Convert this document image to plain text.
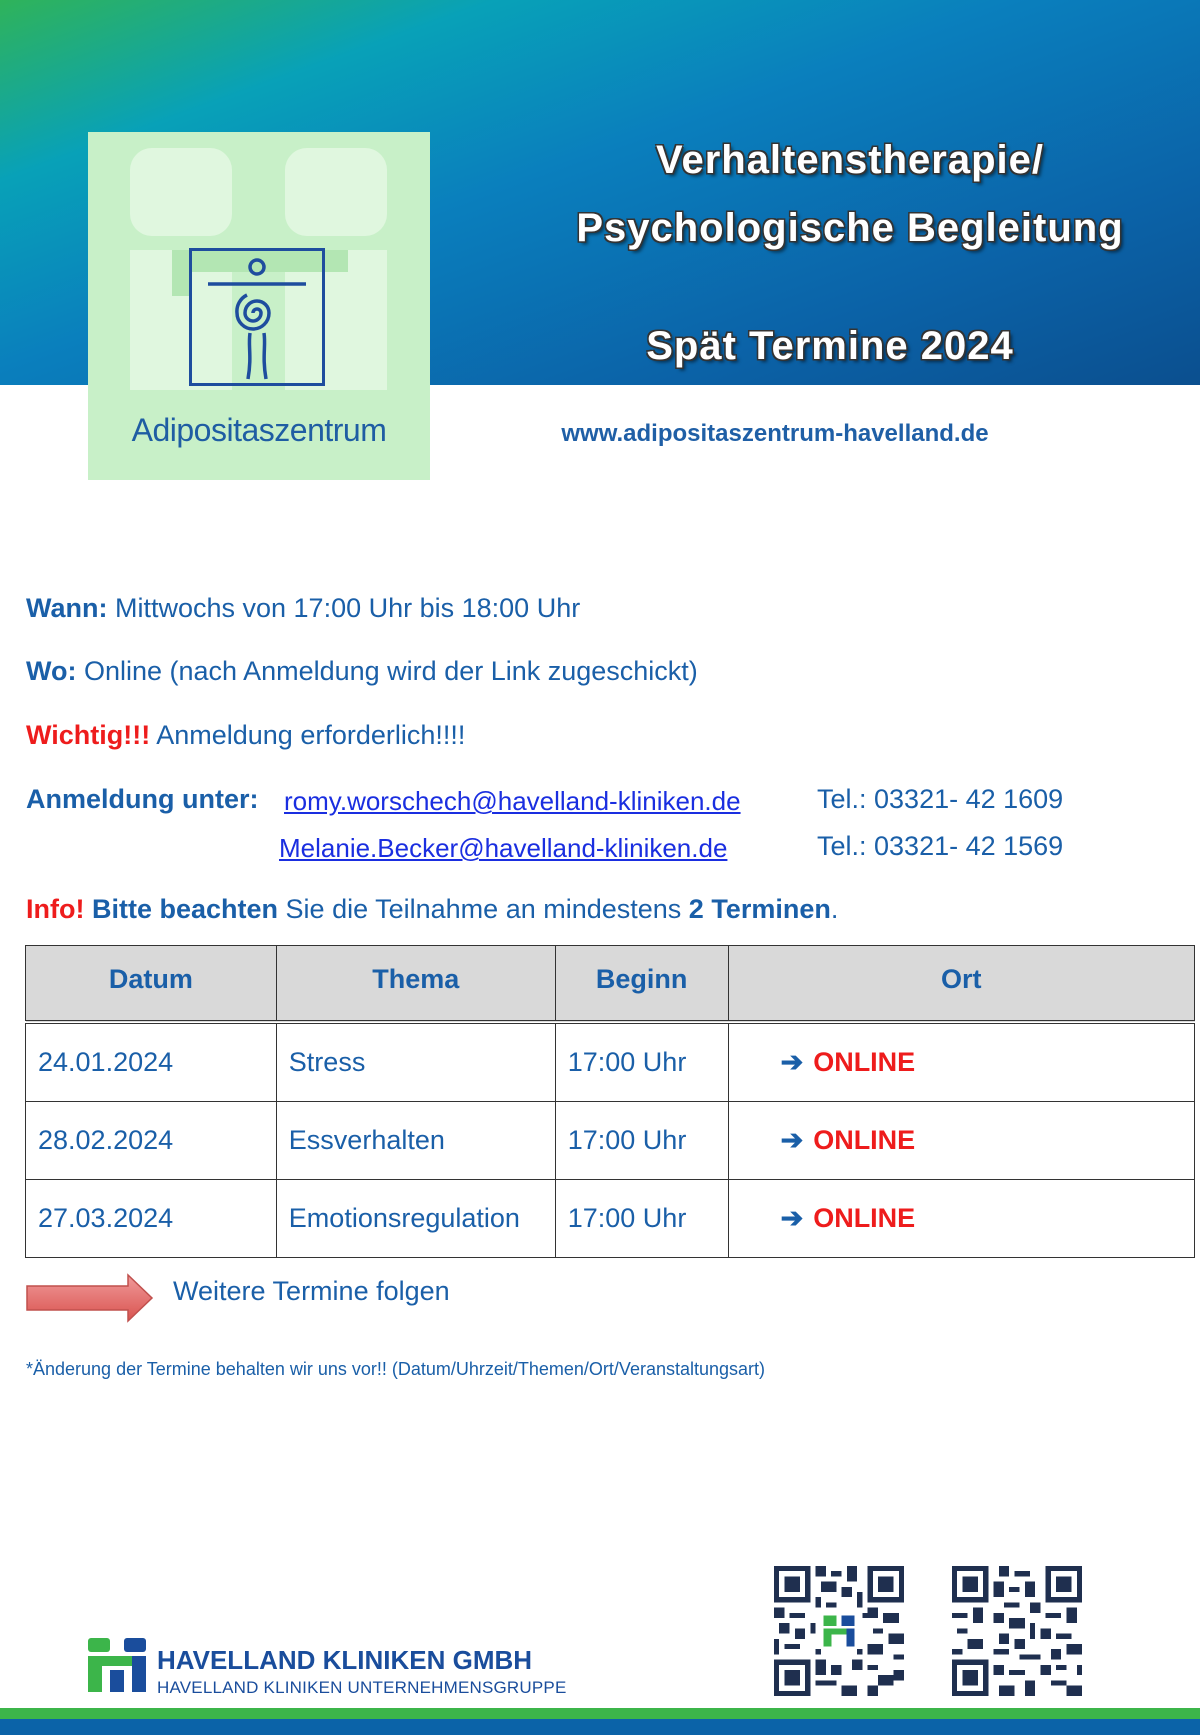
Adipositaszentrum
Verhaltenstherapie/
Psychologische Begleitung
Spät Termine 2024
www.adipositaszentrum-havelland.de
Wann: Mittwochs von 17:00 Uhr bis 18:00 Uhr
Wo: Online (nach Anmeldung wird der Link zugeschickt)
Wichtig!!! Anmeldung erforderlich!!!!
Anmeldung unter: romy.worschech@havelland-kliniken.de	Tel.: 03321- 42 1609
Melanie.Becker@havelland-kliniken.de	Tel.: 03321- 42 1569
Info! Bitte beachten Sie die Teilnahme an mindestens 2 Terminen.
Datum	Thema	Beginn	Ort
24.01.2024	Stress	17:00 Uhr	➔ ONLINE
28.02.2024	Essverhalten	17:00 Uhr	➔ ONLINE
27.03.2024	Emotionsregulation	17:00 Uhr	➔ ONLINE
Weitere Termine folgen
*Änderung der Termine behalten wir uns vor!! (Datum/Uhrzeit/Themen/Ort/Veranstaltungsart)
HAVELLAND KLINIKEN GMBH
HAVELLAND KLINIKEN UNTERNEHMENSGRUPPE
